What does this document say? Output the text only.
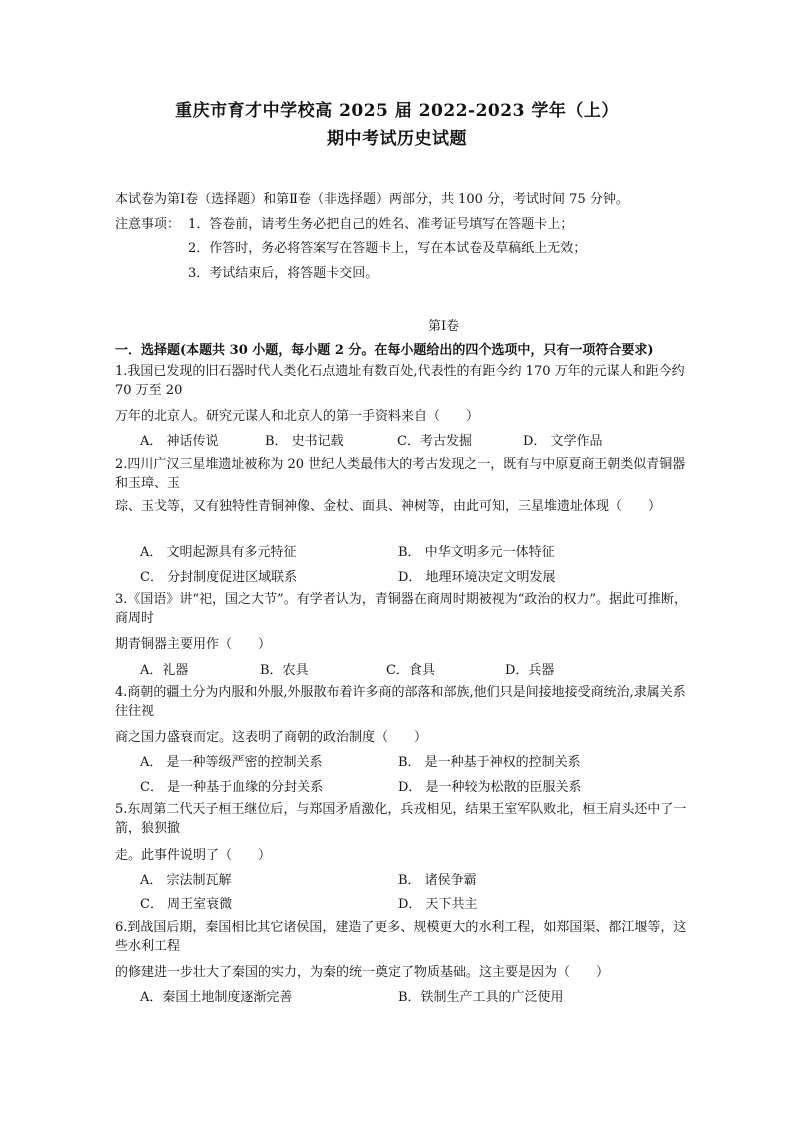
重庆市育才中学校高 2025 届 2022-2023 学年（上）
期中考试历史试题
本试卷为第Ⅰ卷（选择题）和第Ⅱ卷（非选择题）两部分，共 100 分，考试时间 75 分钟。
注意事项： 1．答卷前，请考生务必把自己的姓名、准考证号填写在答题卡上；
2．作答时，务必将答案写在答题卡上，写在本试卷及草稿纸上无效；
3．考试结束后，将答题卡交回。
第Ⅰ卷
一．选择题(本题共 30 小题，每小题 2 分。在每小题给出的四个选项中，只有一项符合要求)
1.我国已发现的旧石器时代人类化石点遗址有数百处,代表性的有距今约 170 万年的元谋人和距今约 70 万至 20
万年的北京人。研究元谋人和北京人的第一手资料来自（　　）
A． 神话传说	B． 史书记载	C．考古发掘	D． 文学作品
2.四川广汉三星堆遗址被称为 20 世纪人类最伟大的考古发现之一，既有与中原夏商王朝类似青铜器和玉璋、玉
琮、玉戈等，又有独特性青铜神像、金杖、面具、神树等，由此可知，三星堆遗址体现（　　）
A． 文明起源具有多元特征	B． 中华文明多元一体特征
C． 分封制度促进区域联系	D． 地理环境决定文明发展
3.《国语》讲“祀，国之大节”。有学者认为，青铜器在商周时期被视为“政治的权力”。据此可推断，商周时
期青铜器主要用作（　　）
A．礼器	B．农具	C．食具	D．兵器
4.商朝的疆土分为内服和外服,外服散布着许多商的部落和部族,他们只是间接地接受商统治,隶属关系往往视
商之国力盛衰而定。这表明了商朝的政治制度（　　）
A． 是一种等级严密的控制关系	B． 是一种基于神权的控制关系
C． 是一种基于血缘的分封关系	D． 是一种较为松散的臣服关系
5.东周第二代天子桓王继位后，与郑国矛盾激化，兵戎相见，结果王室军队败北，桓王肩头还中了一箭，狼狈撤
走。此事件说明了（　　）
A． 宗法制瓦解	B． 诸侯争霸
C． 周王室衰微	D． 天下共主
6.到战国后期，秦国相比其它诸侯国，建造了更多、规模更大的水利工程，如郑国渠、都江堰等，这些水利工程
的修建进一步壮大了秦国的实力，为秦的统一奠定了物质基础。这主要是因为（　　）
A．秦国土地制度逐渐完善	B．铁制生产工具的广泛使用
